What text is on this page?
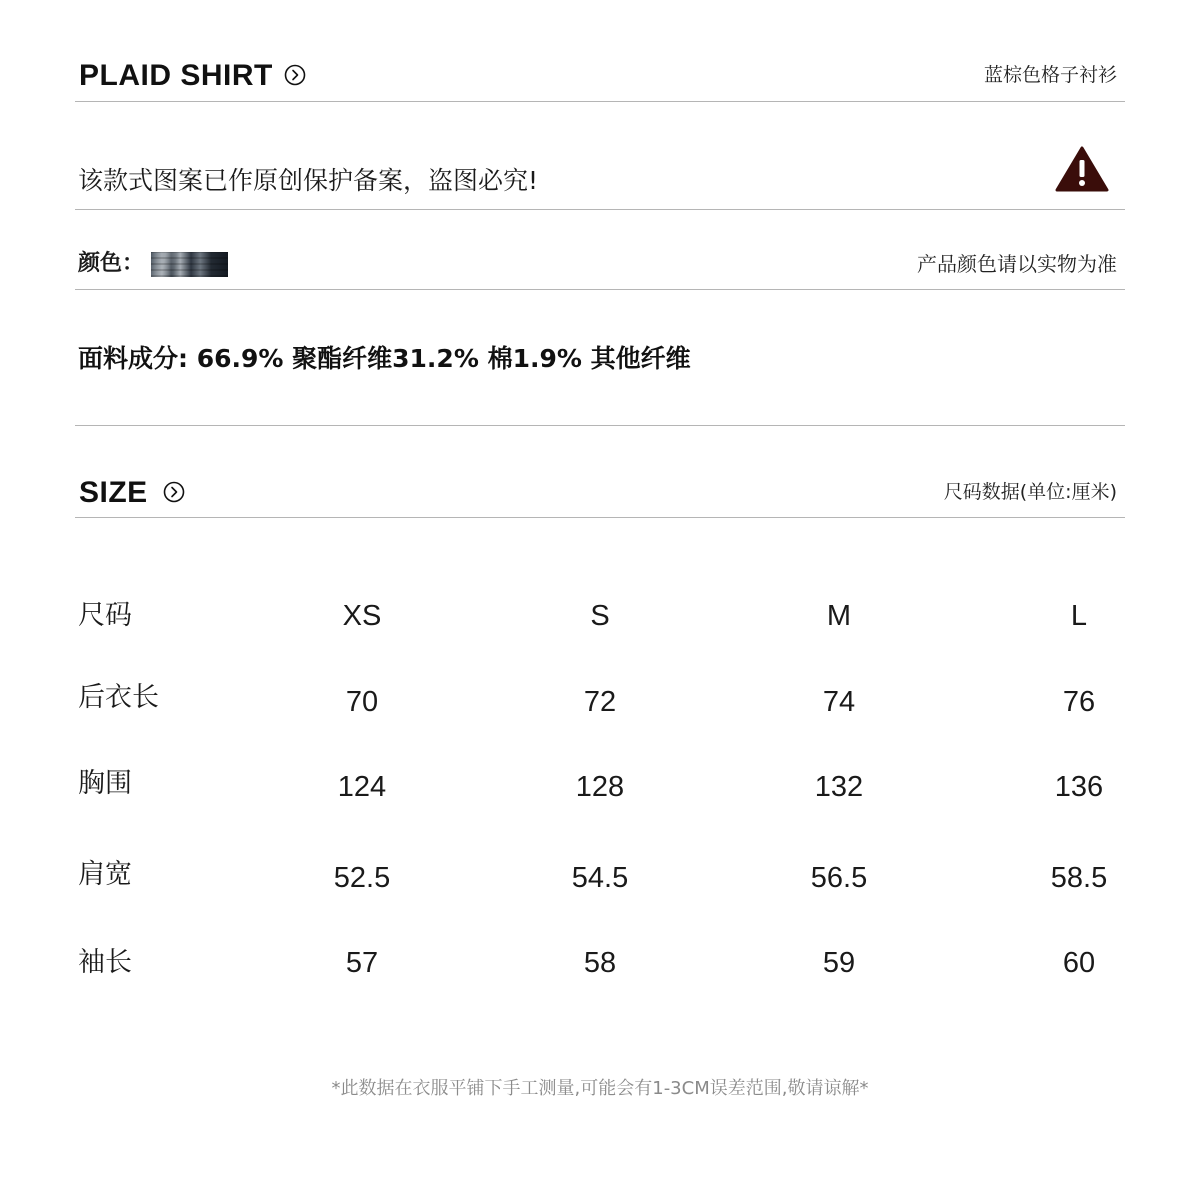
PLAID SHIRT	蓝棕色格子衬衫
该款式图案已作原创保护备案，盗图必究!
颜色：	产品颜色请以实物为准
面料成分: 66.9% 聚酯纤维31.2% 棉1.9% 其他纤维
SIZE	尺码数据(单位:厘米)
尺码	XS	S	M	L
后衣长	70	72	74	76
胸围	124	128	132	136
肩宽	52.5	54.5	56.5	58.5
袖长	57	58	59	60
*此数据在衣服平铺下手工测量,可能会有1-3CM误差范围,敬请谅解*
